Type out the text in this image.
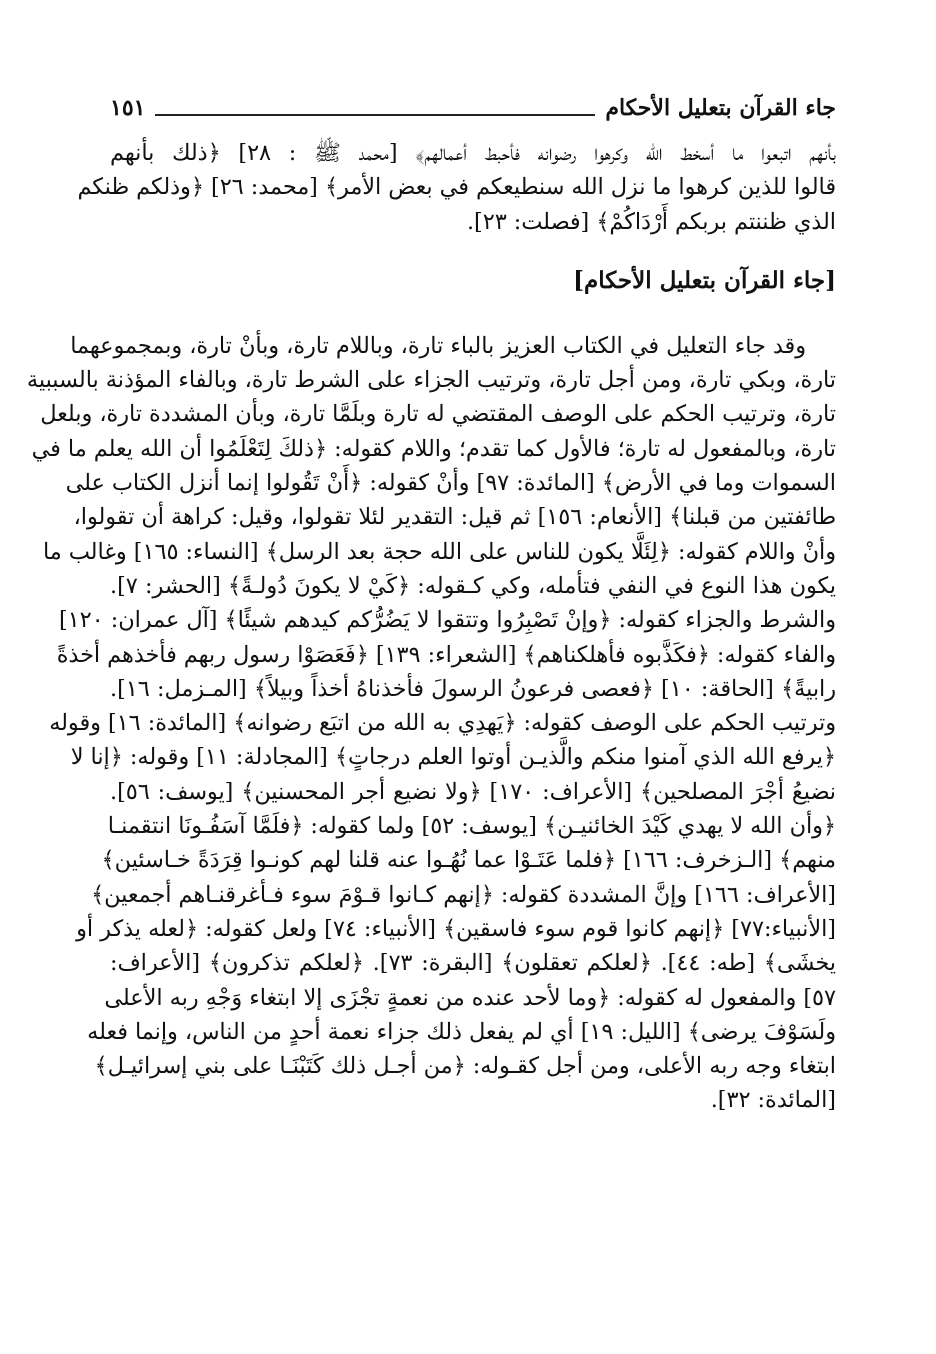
جاء القرآن بتعليل الأحكام
١٥١

بأنهم اتبعوا ما أسخط الله وكرهوا رضوانه فأحبط أعمالهم﴾ [محمد ﷺ : ٢٨] ﴿ذلك بأنهم
قالوا للذين كرهوا ما نزل الله سنطيعكم في بعض الأمر﴾ [محمد: ٢٦] ﴿وذلكم ظنكم
الذي ظننتم بربكم أَرْدَاكُمْ﴾ [فصلت: ٢٣].

[جاء القرآن بتعليل الأحكام]

وقد جاء التعليل في الكتاب العزيز بالباء تارة، وباللام تارة، وبأنْ تارة، وبمجموعهما
تارة، وبكي تارة، ومن أجل تارة، وترتيب الجزاء على الشرط تارة، وبالفاء المؤذنة بالسببية
تارة، وترتيب الحكم على الوصف المقتضي له تارة وبلَمَّا تارة، وبأن المشددة تارة، وبلعل
تارة، وبالمفعول له تارة؛ فالأول كما تقدم؛ واللام كقوله: ﴿ذلكَ لِتَعْلَمُوا أن الله يعلم ما في
السموات وما في الأرض﴾ [المائدة: ٩٧] وأنْ كقوله: ﴿أَنْ تَقُولوا إنما أنزل الكتاب على
طائفتين من قبلنا﴾ [الأنعام: ١٥٦] ثم قيل: التقدير لئلا تقولوا، وقيل: كراهة أن تقولوا،
وأنْ واللام كقوله: ﴿لِئَلَّا يكون للناس على الله حجة بعد الرسل﴾ [النساء: ١٦٥] وغالب ما
يكون هذا النوع في النفي فتأمله، وكي كـقوله: ﴿كَيْ لا يكونَ دُولـةً﴾ [الحشر: ٧].
والشرط والجزاء كقوله: ﴿وإنْ تَصْبِرُوا وتتقوا لا يَضُرُّكم كيدهم شيئًا﴾ [آل عمران: ١٢٠]
والفاء كقوله: ﴿فكَذَّبوه فأهلكناهم﴾ [الشعراء: ١٣٩] ﴿فَعَصَوْا رسول ربهم فأخذهم أخذةً
رابيةً﴾ [الحاقة: ١٠] ﴿فعصى فرعونُ الرسولَ فأخذناهُ أخذاً وبيلاً﴾ [المـزمل: ١٦].
وترتيب الحكم على الوصف كقوله: ﴿يَهدِي به الله من اتبَع رضوانه﴾ [المائدة: ١٦] وقوله
﴿يرفع الله الذي آمنوا منكم والَّذيـن أوتوا العلم درجاتٍ﴾ [المجادلة: ١١] وقوله: ﴿إنا لا
نضيعُ أجْرَ المصلحين﴾ [الأعراف: ١٧٠] ﴿ولا نضيع أجر المحسنين﴾ [يوسف: ٥٦].
﴿وأن الله لا يهدي كَيْدَ الخائنيـن﴾ [يوسف: ٥٢] ولما كقوله: ﴿فلَمَّا آسَفُـونَا انتقمنـا
منهم﴾ [الـزخرف: ١٦٦] ﴿فلما عَتَـوْا عما نُهُـوا عنه قلنا لهم كونـوا قِرَدَةً خـاسئين﴾
[الأعراف: ١٦٦] وإنَّ المشددة كقوله: ﴿إنهم كـانوا قـوْمَ سوء فـأغرقنـاهم أجمعين﴾
[الأنبياء:٧٧] ﴿إنهم كانوا قوم سوء فاسقين﴾ [الأنبياء: ٧٤] ولعل كقوله: ﴿لعله يذكر أو
يخشَى﴾ [طه: ٤٤]. ﴿لعلكم تعقلون﴾ [البقرة: ٧٣]. ﴿لعلكم تذكرون﴾ [الأعراف:
٥٧] والمفعول له كقوله: ﴿وما لأحد عنده من نعمةٍ تجْزَى إلا ابتغاء وَجْهِ ربه الأعلى
ولَسَوْفَ يرضى﴾ [الليل: ١٩] أي لم يفعل ذلك جزاء نعمة أحدٍ من الناس، وإنما فعله
ابتغاء وجه ربه الأعلى، ومن أجل كقـوله: ﴿من أجـل ذلك كَتَبْنَـا على بني إسرائيـل﴾
[المائدة: ٣٢].
